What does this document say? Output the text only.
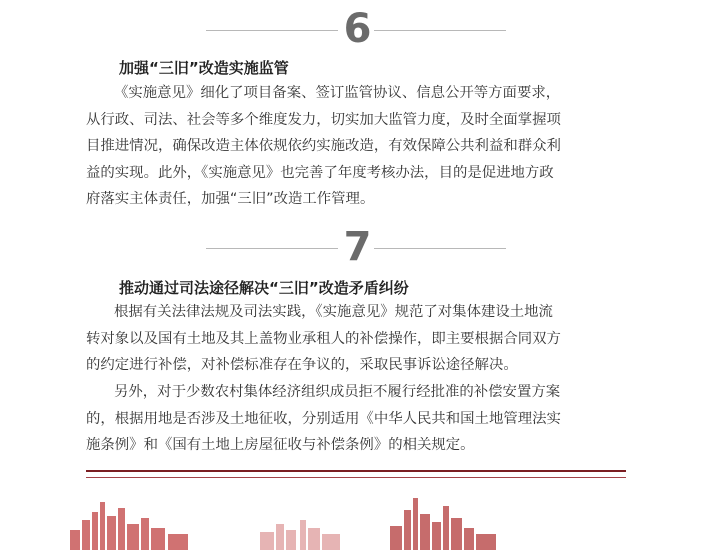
6
加强“三旧”改造实施监管
《实施意见》细化了项目备案、签订监管协议、信息公开等方面要求，
从行政、司法、社会等多个维度发力，切实加大监管力度，及时全面掌握项
目推进情况，确保改造主体依规依约实施改造，有效保障公共利益和群众利
益的实现。此外，《实施意见》也完善了年度考核办法，目的是促进地方政
府落实主体责任，加强“三旧”改造工作管理。
7
推动通过司法途径解决“三旧”改造矛盾纠纷
根据有关法律法规及司法实践，《实施意见》规范了对集体建设土地流
转对象以及国有土地及其上盖物业承租人的补偿操作，即主要根据合同双方
的约定进行补偿，对补偿标准存在争议的，采取民事诉讼途径解决。
另外，对于少数农村集体经济组织成员拒不履行经批准的补偿安置方案
的，根据用地是否涉及土地征收，分别适用《中华人民共和国土地管理法实
施条例》和《国有土地上房屋征收与补偿条例》的相关规定。
